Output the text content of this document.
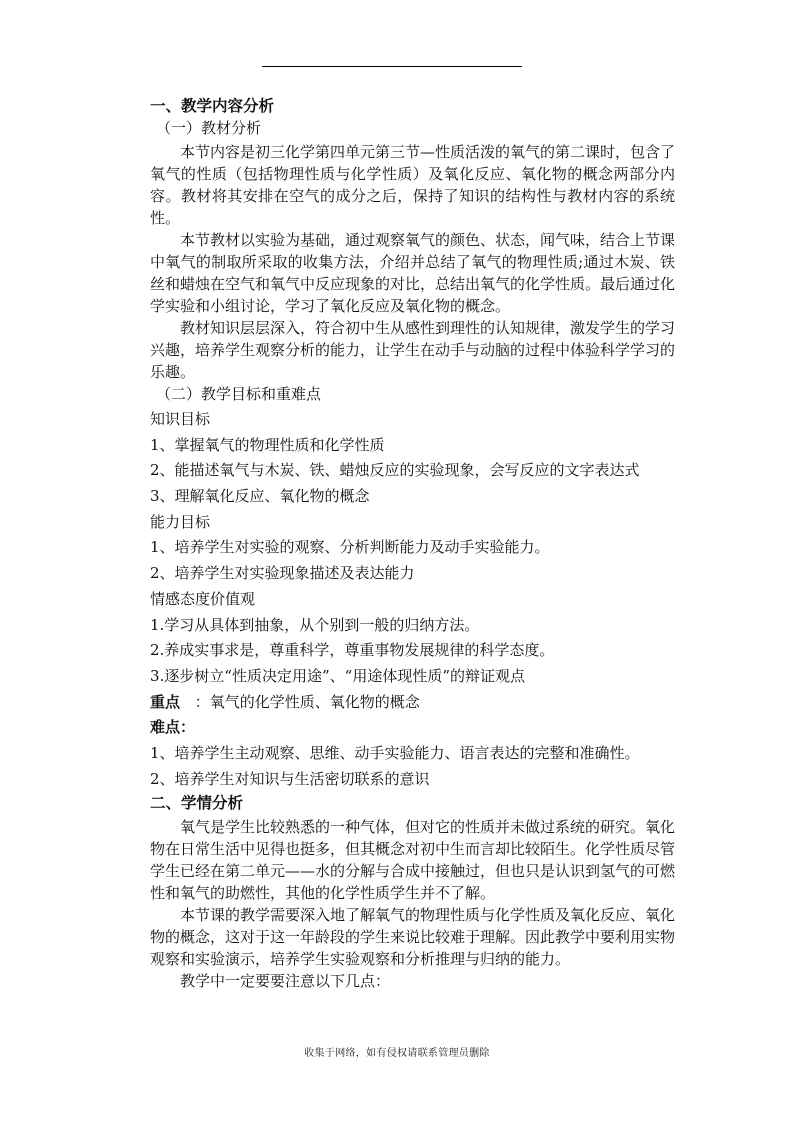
一、教学内容分析

（一）教材分析

本节内容是初三化学第四单元第三节—性质活泼的氧气的第二课时，包含了氧气的性质（包括物理性质与化学性质）及氧化反应、氧化物的概念两部分内容。教材将其安排在空气的成分之后，保持了知识的结构性与教材内容的系统性。

本节教材以实验为基础，通过观察氧气的颜色、状态，闻气味，结合上节课中氧气的制取所采取的收集方法，介绍并总结了氧气的物理性质;通过木炭、铁丝和蜡烛在空气和氧气中反应现象的对比，总结出氧气的化学性质。最后通过化学实验和小组讨论，学习了氧化反应及氧化物的概念。

教材知识层层深入，符合初中生从感性到理性的认知规律，激发学生的学习兴趣，培养学生观察分析的能力，让学生在动手与动脑的过程中体验科学学习的乐趣。

（二）教学目标和重难点

知识目标

1、掌握氧气的物理性质和化学性质

2、能描述氧气与木炭、铁、蜡烛反应的实验现象，会写反应的文字表达式

3、理解氧化反应、氧化物的概念

能力目标

1、培养学生对实验的观察、分析判断能力及动手实验能力。

2、培养学生对实验现象描述及表达能力

情感态度价值观

1.学习从具体到抽象，从个别到一般的归纳方法。

2.养成实事求是，尊重科学，尊重事物发展规律的科学态度。

3.逐步树立“性质决定用途”、“用途体现性质”的辩证观点

重点 ：氧气的化学性质、氧化物的概念

难点：

1、培养学生主动观察、思维、动手实验能力、语言表达的完整和准确性。

2、培养学生对知识与生活密切联系的意识

二、学情分析

氧气是学生比较熟悉的一种气体，但对它的性质并未做过系统的研究。氧化物在日常生活中见得也挺多，但其概念对初中生而言却比较陌生。化学性质尽管学生已经在第二单元——水的分解与合成中接触过，但也只是认识到氢气的可燃性和氧气的助燃性，其他的化学性质学生并不了解。

本节课的教学需要深入地了解氧气的物理性质与化学性质及氧化反应、氧化物的概念，这对于这一年龄段的学生来说比较难于理解。因此教学中要利用实物观察和实验演示，培养学生实验观察和分析推理与归纳的能力。

教学中一定要要注意以下几点：

收集于网络，如有侵权请联系管理员删除
